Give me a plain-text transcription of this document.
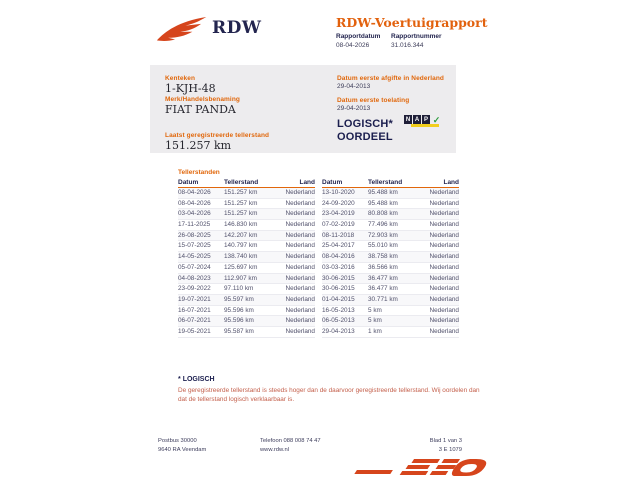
RDW	RDW-Voertuigrapport
Rapportdatum Rapportnummer
08-04-2026	31.016.344
Kenteken
1-KJH-48
Merk/Handelsbenaming
FIAT PANDA
Laatst geregistreerde tellerstand
151.257 km
Datum eerste afgifte in Nederland
29-04-2013
Datum eerste toelating
29-04-2013
LOGISCH*
OORDEEL
N A P ✓
Tellerstanden
Datum	Tellerstand	Land
08-04-2026	151.257 km	Nederland
08-04-2026	151.257 km	Nederland
03-04-2026	151.257 km	Nederland
17-11-2025	146.830 km	Nederland
26-08-2025	142.207 km	Nederland
15-07-2025	140.797 km	Nederland
14-05-2025	138.740 km	Nederland
05-07-2024	125.697 km	Nederland
04-08-2023	112.907 km	Nederland
23-09-2022	97.110 km	Nederland
19-07-2021	95.597 km	Nederland
16-07-2021	95.596 km	Nederland
06-07-2021	95.596 km	Nederland
19-05-2021	95.587 km	Nederland
Datum	Tellerstand	Land
13-10-2020	95.488 km	Nederland
24-09-2020	95.488 km	Nederland
23-04-2019	80.808 km	Nederland
07-02-2019	77.496 km	Nederland
08-11-2018	72.903 km	Nederland
25-04-2017	55.010 km	Nederland
08-04-2016	38.758 km	Nederland
03-03-2016	36.566 km	Nederland
30-06-2015	36.477 km	Nederland
30-06-2015	36.477 km	Nederland
01-04-2015	30.771 km	Nederland
16-05-2013	5 km	Nederland
06-05-2013	5 km	Nederland
29-04-2013	1 km	Nederland
* LOGISCH
De geregistreerde tellerstand is steeds hoger dan de daarvoor geregistreerde tellerstand. Wij oordelen dan dat de tellerstand logisch verklaarbaar is.
Postbus 30000
9640 RA Veendam
Telefoon 088 008 74 47
www.rdw.nl
Blad 1 van 3
3 E 1079
